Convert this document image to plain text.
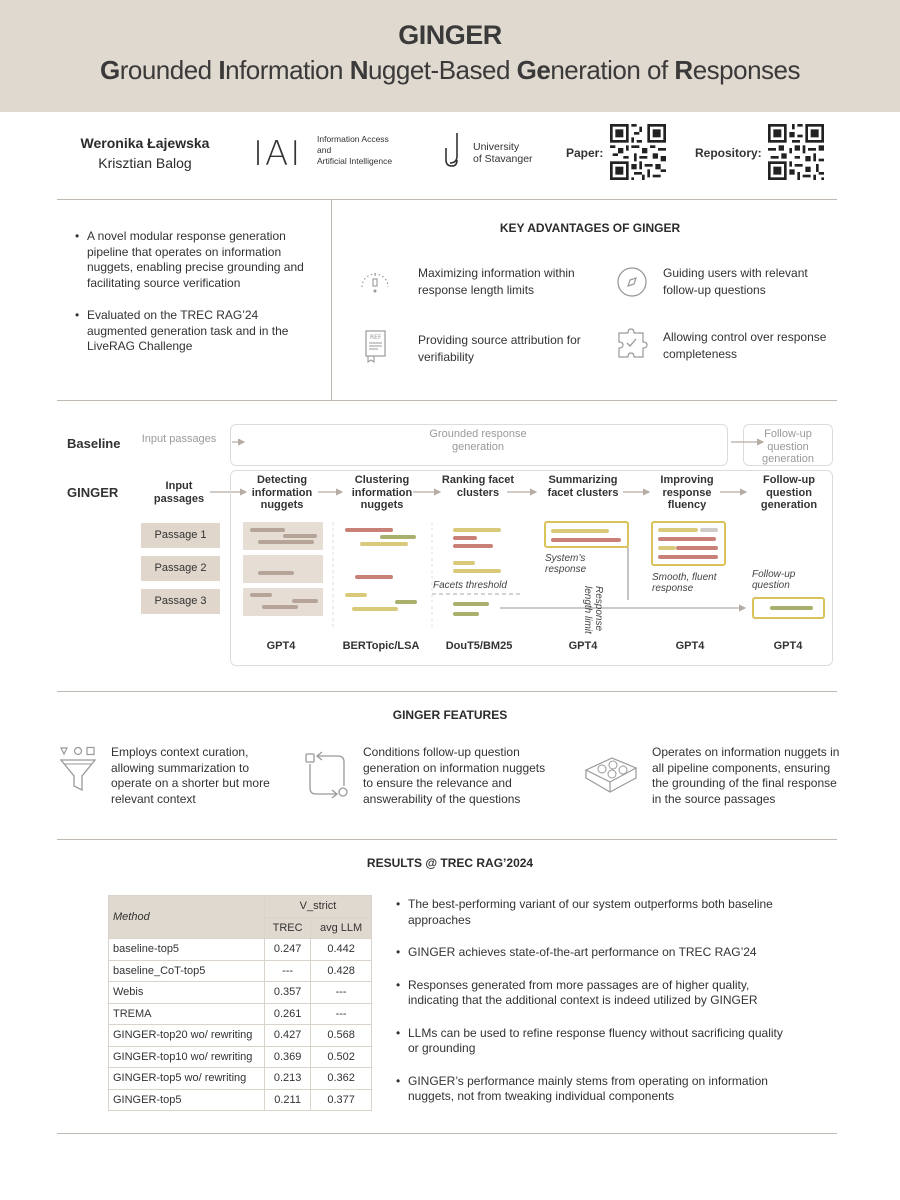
GINGER
Grounded Information Nugget-Based Generation of Responses
Weronika Łajewska
Krisztian Balog	IAI Information Access
and
Artificial Intelligence
University
of Stavanger	Paper:	Repository:
• A novel modular response generation pipeline that operates on information nuggets, enabling precise grounding and facilitating source verification
• Evaluated on the TREC RAG’24 augmented generation task and in the LiveRAG Challenge
KEY ADVANTAGES OF GINGER
Maximizing information within response length limits
Guiding users with relevant follow-up questions
REF	Providing source attribution for verifiability
Allowing control over response completeness
Baseline Input passages	Grounded response generation
Follow-up question generation
GINGER	Input passages
Detecting information nuggets
Clustering information nuggets
Ranking facet clusters
Summarizing facet clusters
Improving response fluency
Follow-up question generation
Passage 1
Passage 2
Passage 3
Facets threshold
System’s response
Response length limit
Smooth, fluent response
Follow-up question
GPT4	BERTopic/LSA	DouT5/BM25	GPT4	GPT4	GPT4
GINGER FEATURES
Employs context curation, allowing summarization to operate on a shorter but more relevant context
Conditions follow-up question generation on information nuggets to ensure the relevance and answerability of the questions
Operates on information nuggets in all pipeline components, ensuring the grounding of the final response in the source passages
RESULTS @ TREC RAG’2024
Method	V_strict	
	TREC	avg LLM
baseline-top5	0.247	0.442
baseline_CoT-top5	---	0.428
Webis	0.357	---
TREMA	0.261	---
GINGER-top20 wo/ rewriting	0.427	0.568
GINGER-top10 wo/ rewriting	0.369	0.502
GINGER-top5 wo/ rewriting	0.213	0.362
GINGER-top5	0.211	0.377
• The best-performing variant of our system outperforms both baseline approaches
• GINGER achieves state-of-the-art performance on TREC RAG’24
• Responses generated from more passages are of higher quality, indicating that the additional context is indeed utilized by GINGER
• LLMs can be used to refine response fluency without sacrificing quality or grounding
• GINGER’s performance mainly stems from operating on information nuggets, not from tweaking individual components
